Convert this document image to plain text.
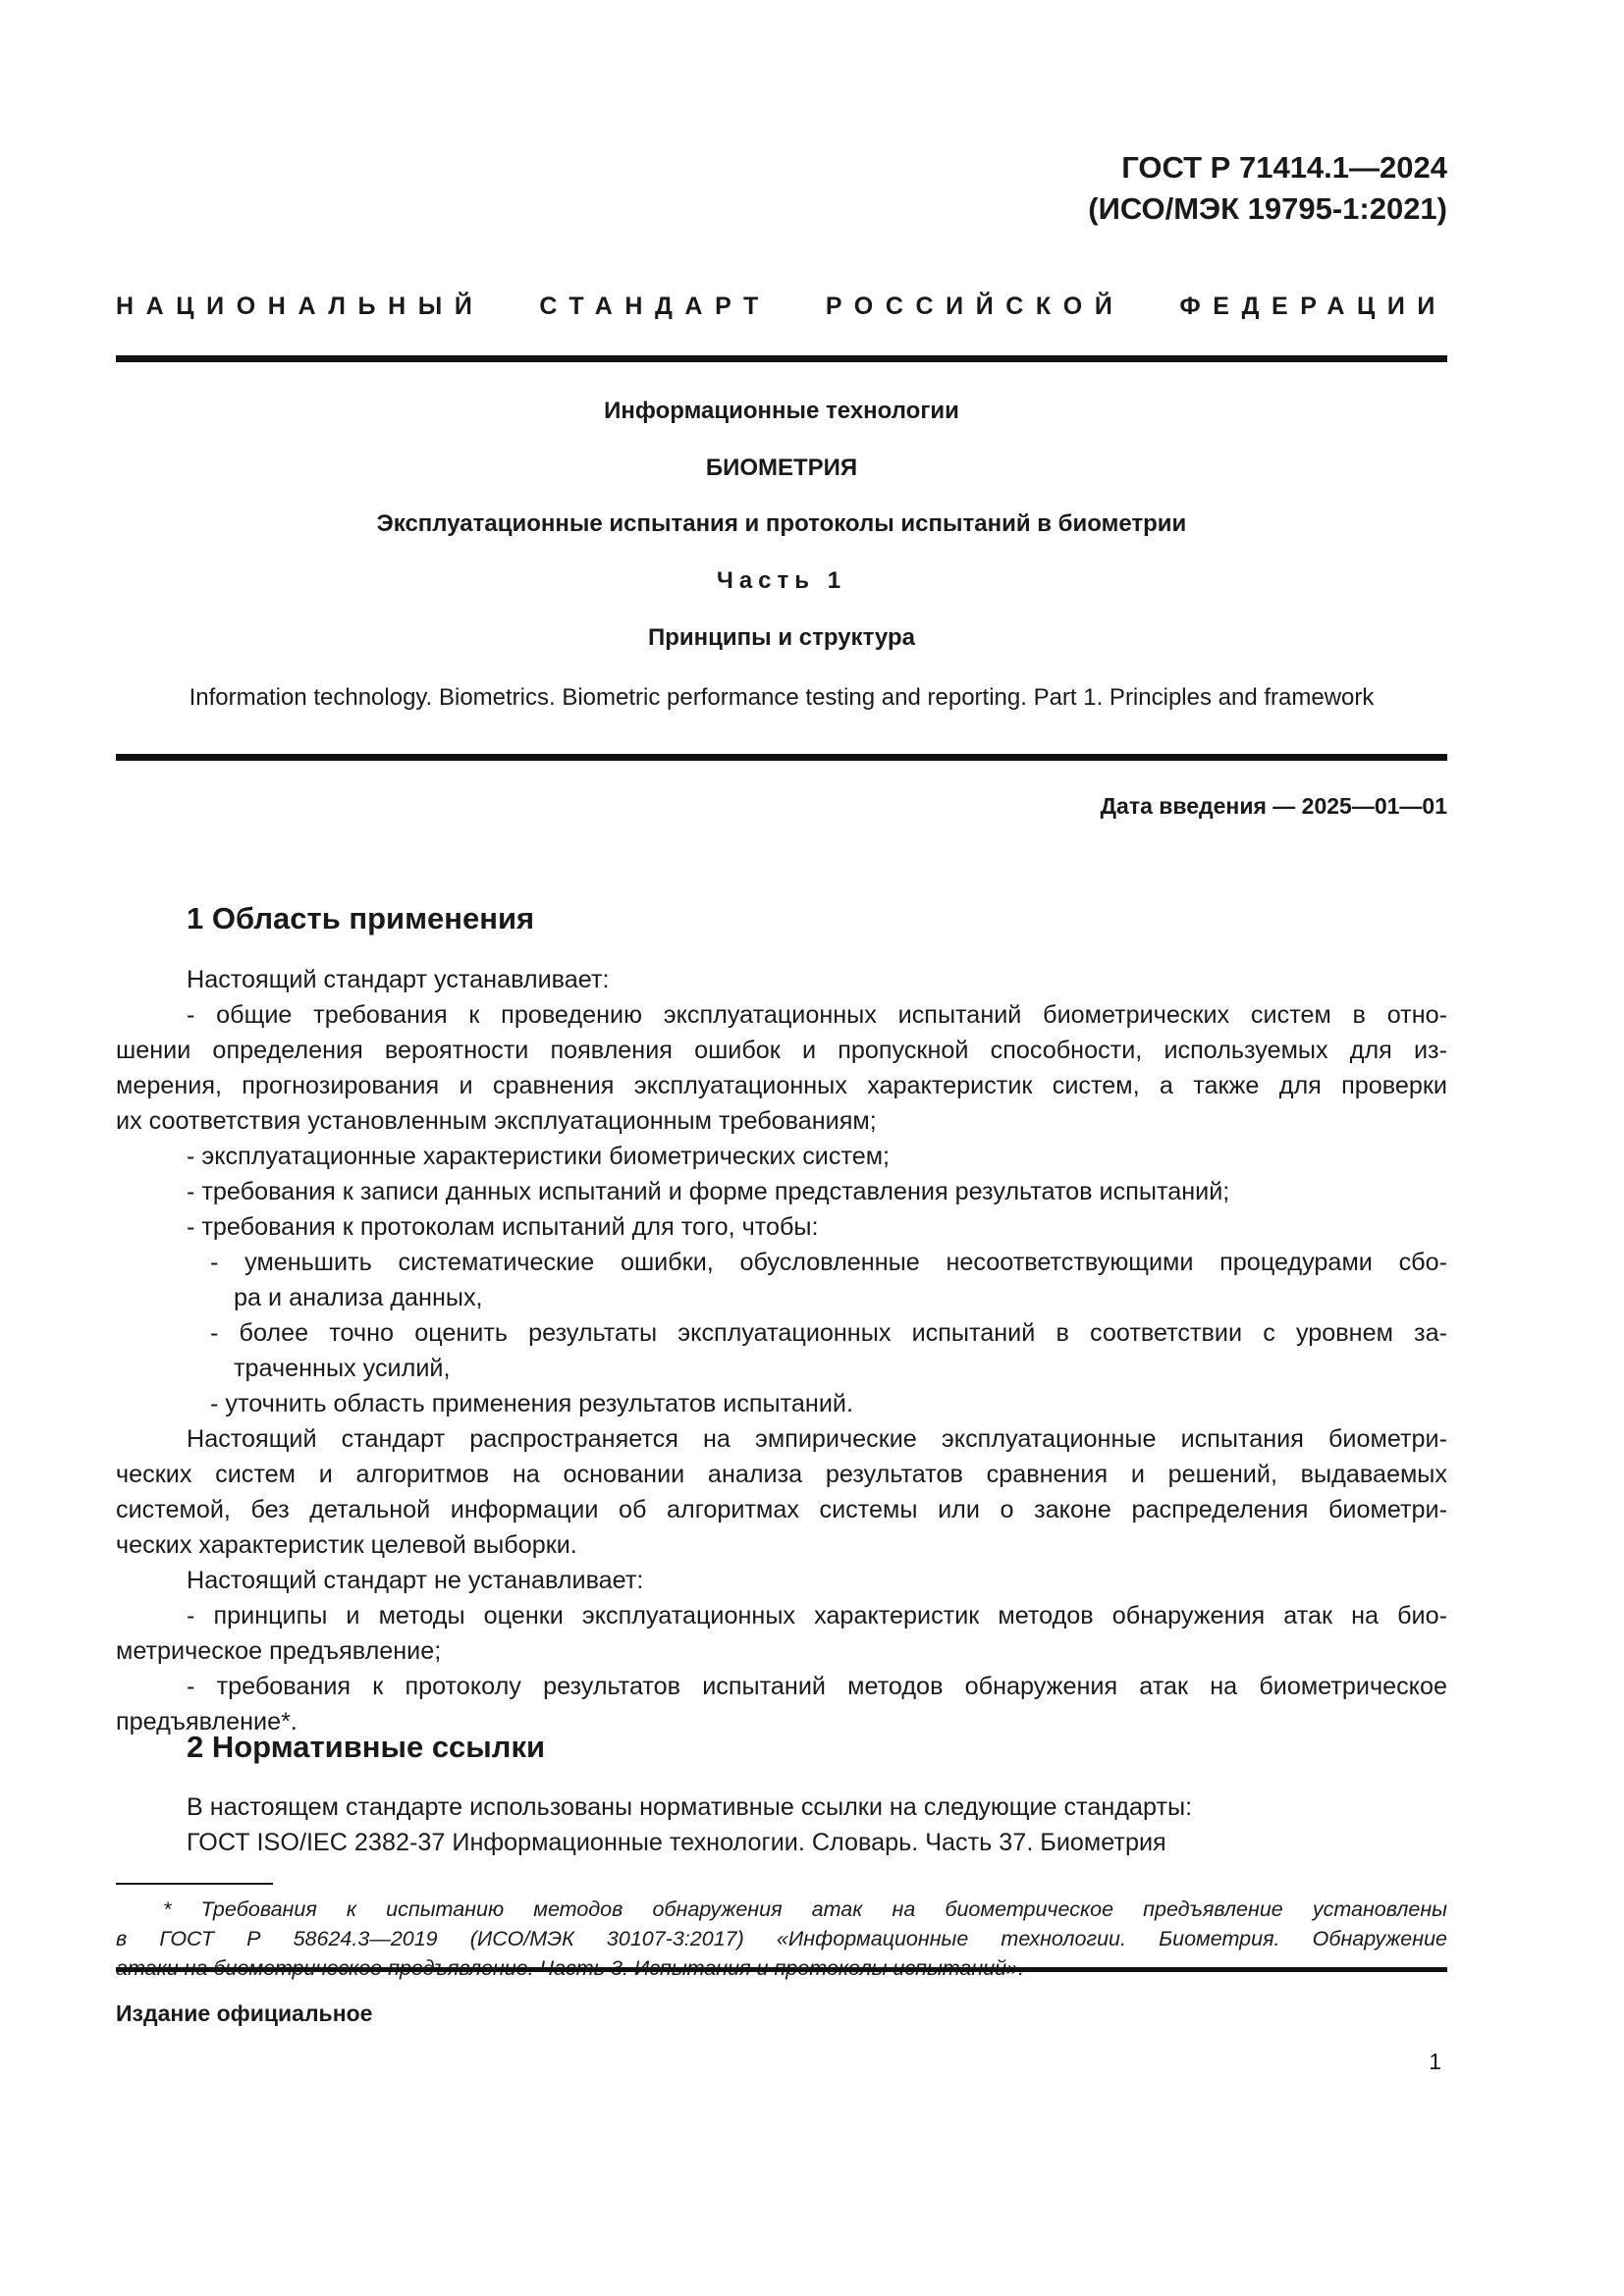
ГОСТ Р 71414.1—2024
(ИСО/МЭК 19795-1:2021)
НАЦИОНАЛЬНЫЙ СТАНДАРТ РОССИЙСКОЙ ФЕДЕРАЦИИ
Информационные технологии
БИОМЕТРИЯ
Эксплуатационные испытания и протоколы испытаний в биометрии
Часть 1
Принципы и структура
Information technology. Biometrics. Biometric performance testing and reporting. Part 1. Principles and framework
Дата введения — 2025—01—01
1 Область применения
Настоящий стандарт устанавливает:
- общие требования к проведению эксплуатационных испытаний биометрических систем в отно-
шении определения вероятности появления ошибок и пропускной способности, используемых для из-
мерения, прогнозирования и сравнения эксплуатационных характеристик систем, а также для проверки
их соответствия установленным эксплуатационным требованиям;
- эксплуатационные характеристики биометрических систем;
- требования к записи данных испытаний и форме представления результатов испытаний;
- требования к протоколам испытаний для того, чтобы:
- уменьшить систематические ошибки, обусловленные несоответствующими процедурами сбо-
ра и анализа данных,
- более точно оценить результаты эксплуатационных испытаний в соответствии с уровнем за-
траченных усилий,
- уточнить область применения результатов испытаний.
Настоящий стандарт распространяется на эмпирические эксплуатационные испытания биометри-
ческих систем и алгоритмов на основании анализа результатов сравнения и решений, выдаваемых
системой, без детальной информации об алгоритмах системы или о законе распределения биометри-
ческих характеристик целевой выборки.
Настоящий стандарт не устанавливает:
- принципы и методы оценки эксплуатационных характеристик методов обнаружения атак на био-
метрическое предъявление;
- требования к протоколу результатов испытаний методов обнаружения атак на биометрическое
предъявление*.
2 Нормативные ссылки
В настоящем стандарте использованы нормативные ссылки на следующие стандарты:
ГОСТ ISO/IEC 2382-37 Информационные технологии. Словарь. Часть 37. Биометрия
* Требования к испытанию методов обнаружения атак на биометрическое предъявление установлены
в ГОСТ Р 58624.3—2019 (ИСО/МЭК 30107-3:2017) «Информационные технологии. Биометрия. Обнаружение
Издание официальное
1
